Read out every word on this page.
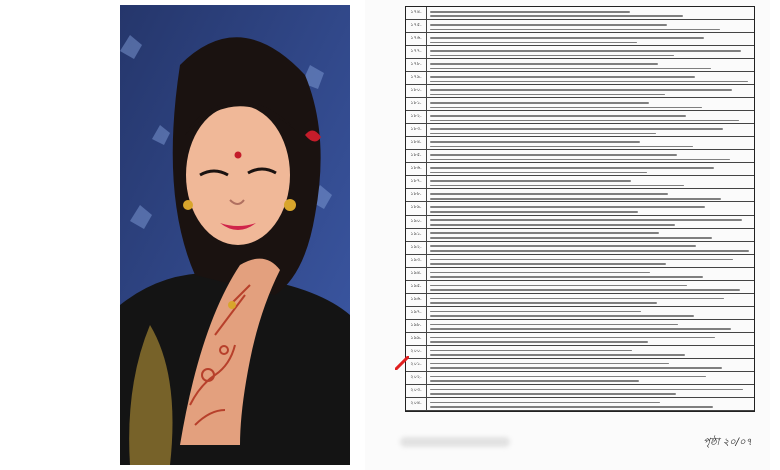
১৭৪.
১৭৫.
১৭৬.
১৭৭.
১৭৮.
১৭৯.
১৮০.
১৮১.
১৮২.
১৮৩.
১৮৪.
১৮৫.
১৮৬.
১৮৭.
১৮৮.
১৮৯.
১৯০.
১৯১.
১৯২.
১৯৩.
১৯৪.
১৯৫.
১৯৬.
১৯৭.
১৯৮.
১৯৯.
২০০.
২০১.
২০২.
২০৩.
২০৪.
পৃষ্ঠা ২০/০৭
